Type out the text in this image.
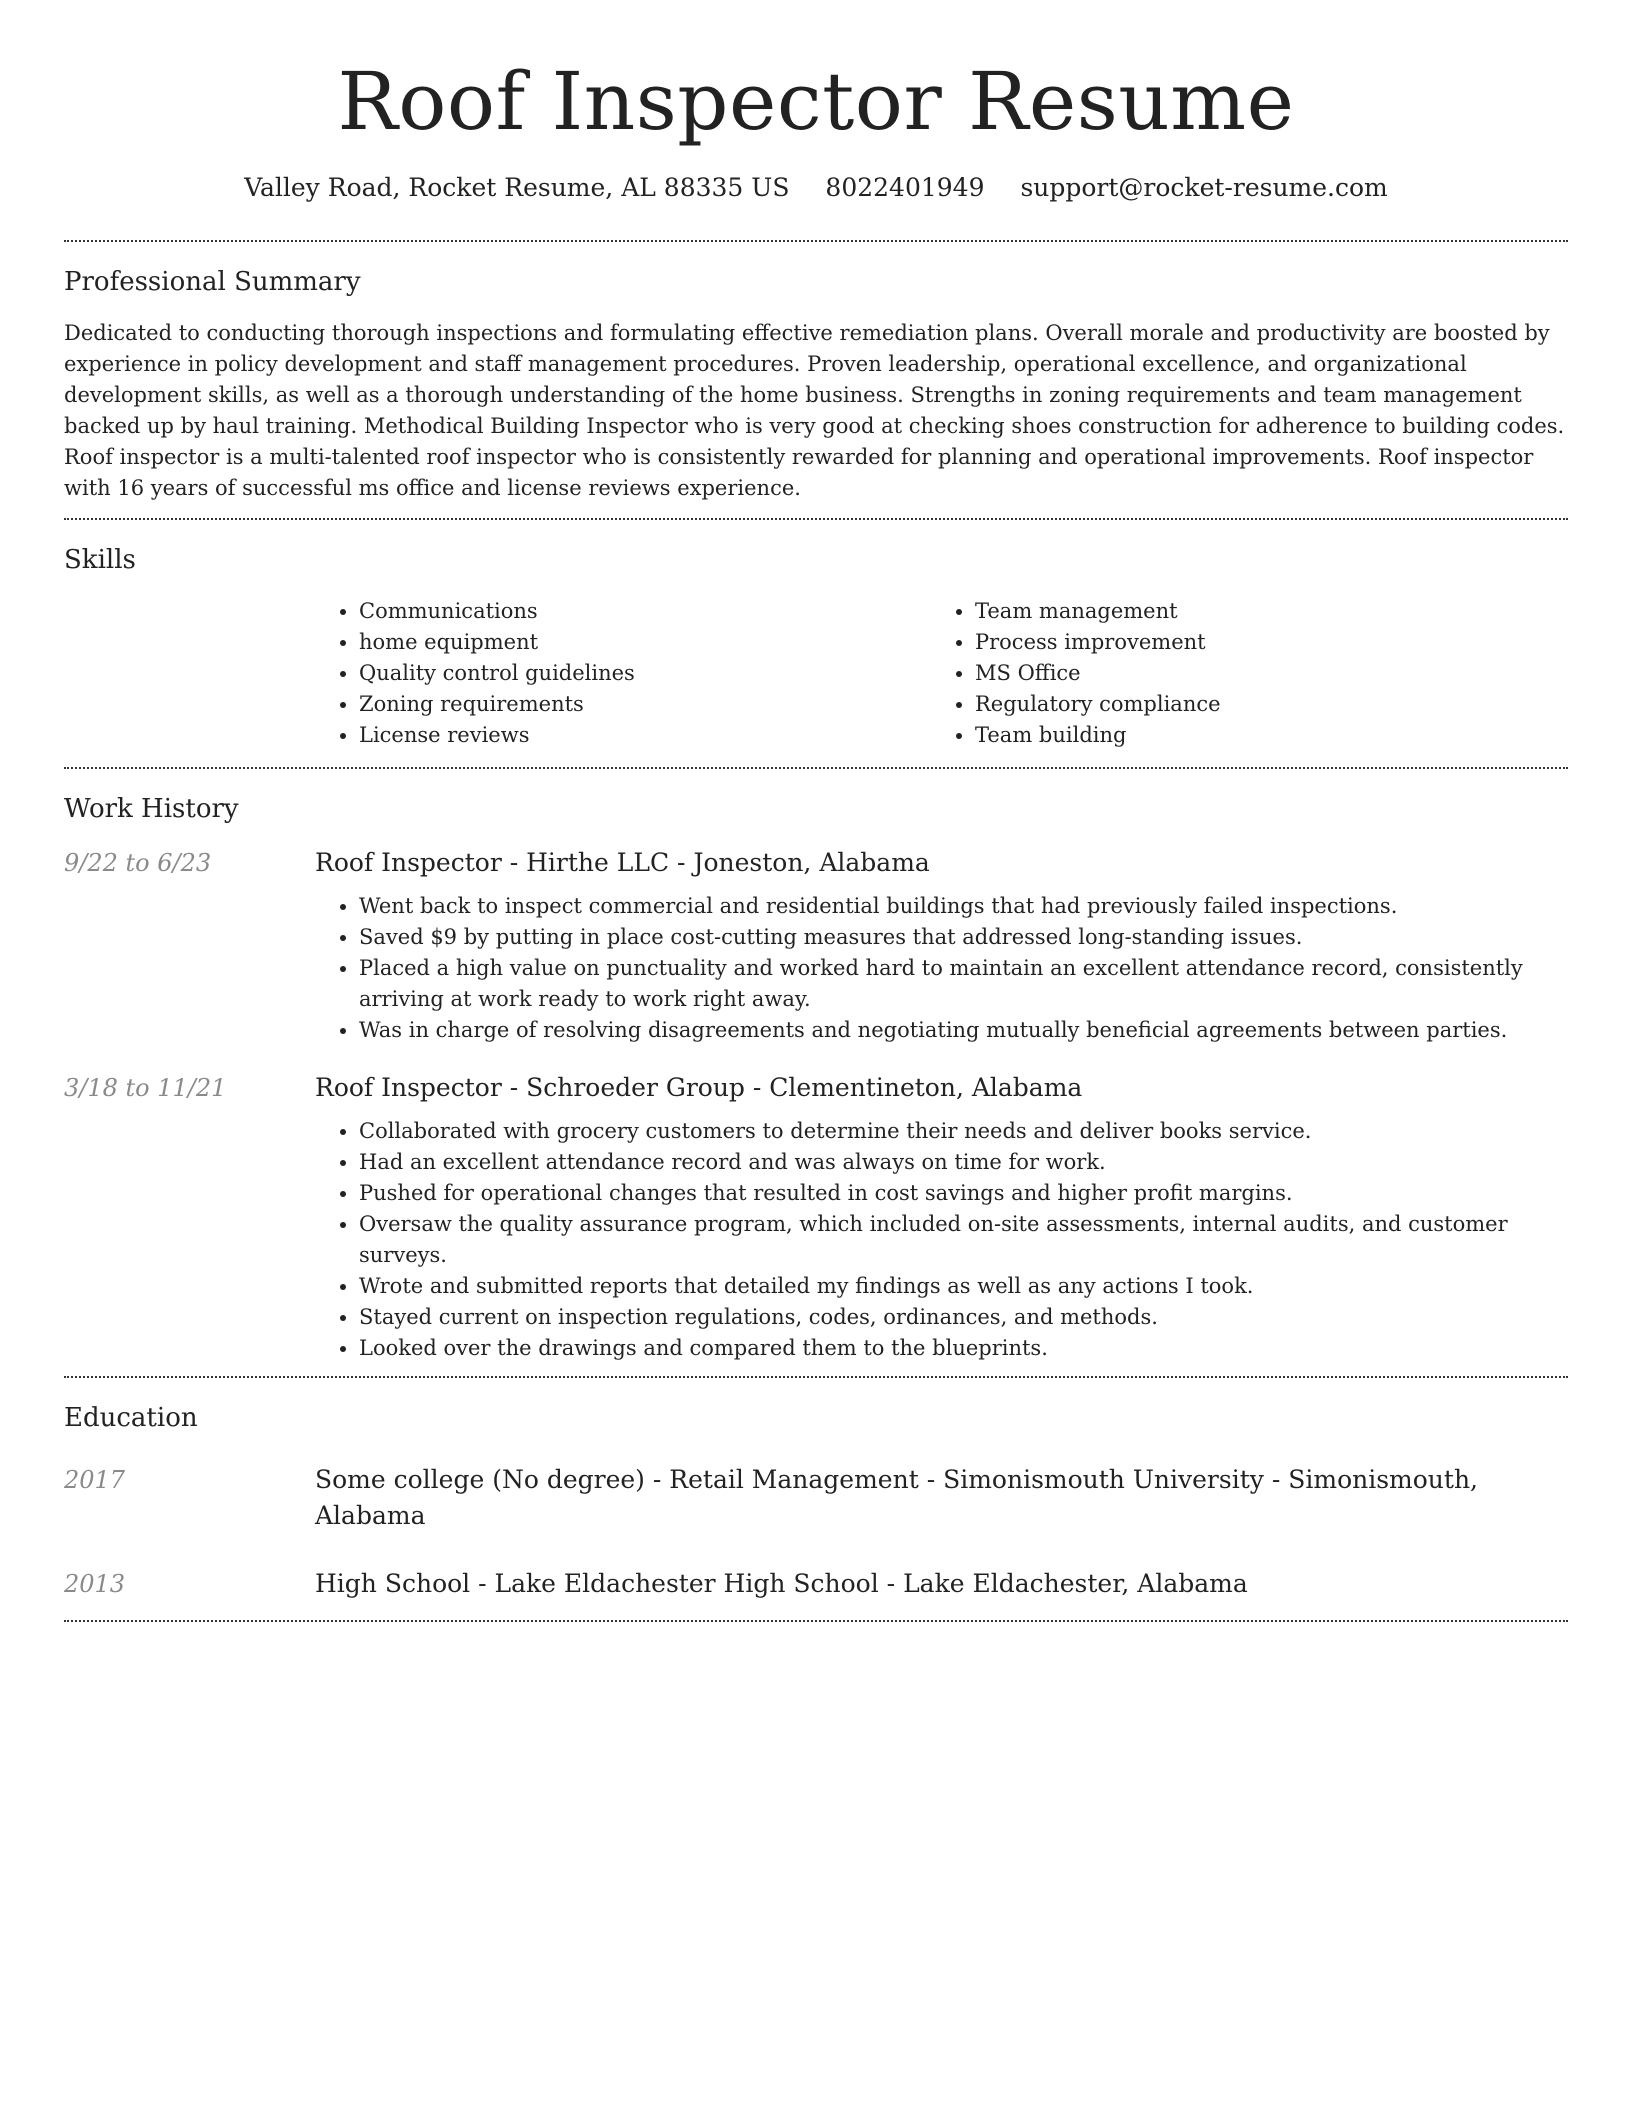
Roof Inspector Resume
Valley Road, Rocket Resume, AL 88335 US 8022401949 support@rocket-resume.com
Professional Summary

Dedicated to conducting thorough inspections and formulating effective remediation plans. Overall morale and productivity are boosted by experience in policy development and staff management procedures. Proven leadership, operational excellence, and organizational development skills, as well as a thorough understanding of the home business. Strengths in zoning requirements and team management backed up by haul training. Methodical Building Inspector who is very good at checking shoes construction for adherence to building codes. Roof inspector is a multi-talented roof inspector who is consistently rewarded for planning and operational improvements. Roof inspector with 16 years of successful ms office and license reviews experience.

Skills
• Communications
• home equipment
• Quality control guidelines
• Zoning requirements
• License reviews
• Team management
• Process improvement
• MS Office
• Regulatory compliance
• Team building
Work History
9/22 to 6/23	Roof Inspector - Hirthe LLC - Joneston, Alabama
• Went back to inspect commercial and residential buildings that had previously failed inspections.
• Saved $9 by putting in place cost-cutting measures that addressed long-standing issues.
• Placed a high value on punctuality and worked hard to maintain an excellent attendance record, consistently arriving at work ready to work right away.
• Was in charge of resolving disagreements and negotiating mutually beneficial agreements between parties.
3/18 to 11/21	Roof Inspector - Schroeder Group - Clementineton, Alabama
• Collaborated with grocery customers to determine their needs and deliver books service.
• Had an excellent attendance record and was always on time for work.
• Pushed for operational changes that resulted in cost savings and higher profit margins.
• Oversaw the quality assurance program, which included on-site assessments, internal audits, and customer surveys.
• Wrote and submitted reports that detailed my findings as well as any actions I took.
• Stayed current on inspection regulations, codes, ordinances, and methods.
• Looked over the drawings and compared them to the blueprints.
Education
2017	Some college (No degree) - Retail Management - Simonismouth University - Simonismouth, Alabama
2013	High School - Lake Eldachester High School - Lake Eldachester, Alabama
